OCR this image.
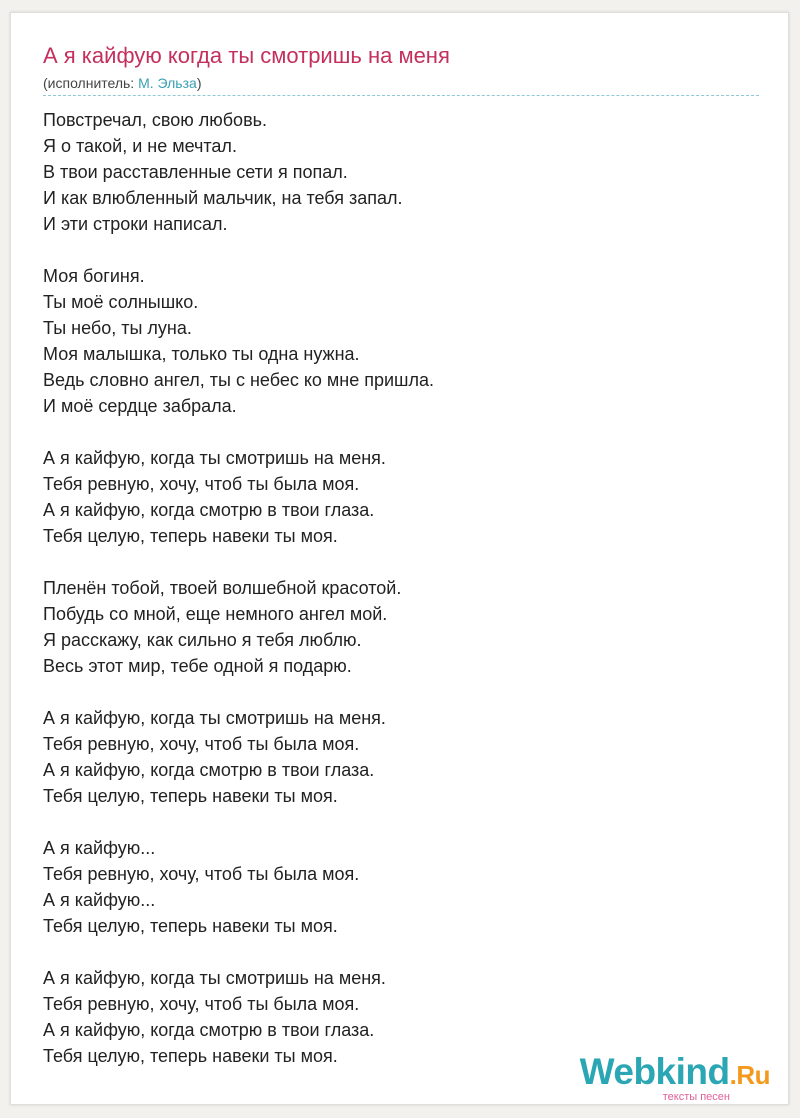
А я кайфую когда ты смотришь на меня
(исполнитель: М. Эльза)
Повстречал, свою любовь.
Я о такой, и не мечтал.
В твои расставленные сети я попал.
И как влюбленный мальчик, на тебя запал.
И эти строки написал.
Моя богиня.
Ты моё солнышко.
Ты небо, ты луна.
Моя малышка, только ты одна нужна.
Ведь словно ангел, ты с небес ко мне пришла.
И моё сердце забрала.
А я кайфую, когда ты смотришь на меня.
Тебя ревную, хочу, чтоб ты была моя.
А я кайфую, когда смотрю в твои глаза.
Тебя целую, теперь навеки ты моя.
Пленён тобой, твоей волшебной красотой.
Побудь со мной, еще немного ангел мой.
Я расскажу, как сильно я тебя люблю.
Весь этот мир, тебе одной я подарю.
А я кайфую, когда ты смотришь на меня.
Тебя ревную, хочу, чтоб ты была моя.
А я кайфую, когда смотрю в твои глаза.
Тебя целую, теперь навеки ты моя.
А я кайфую...
Тебя ревную, хочу, чтоб ты была моя.
А я кайфую...
Тебя целую, теперь навеки ты моя.
А я кайфую, когда ты смотришь на меня.
Тебя ревную, хочу, чтоб ты была моя.
А я кайфую, когда смотрю в твои глаза.
Тебя целую, теперь навеки ты моя.	Webkind.Ru
тексты песен
